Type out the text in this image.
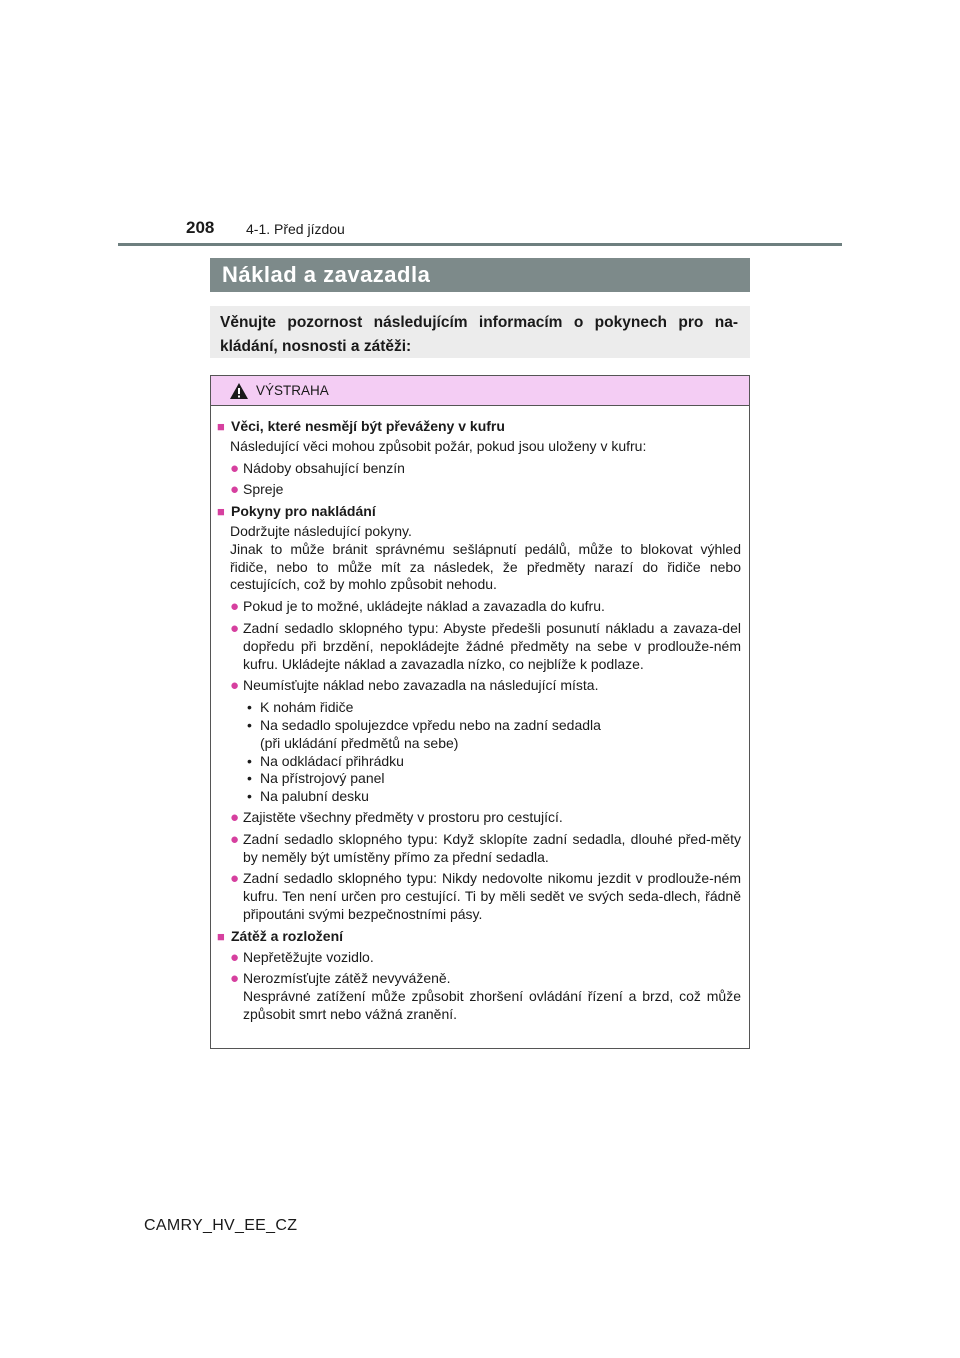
208 4-1. Před jízdou
Náklad a zavazadla
Věnujte pozornost následujícím informacím o pokynech pro na-kládání, nosnosti a zátěži:
VÝSTRAHA
■ Věci, které nesmějí být převáženy v kufru
Následující věci mohou způsobit požár, pokud jsou uloženy v kufru:
● Nádoby obsahující benzín
● Spreje
■ Pokyny pro nakládání
Dodržujte následující pokyny.
Jinak to může bránit správnému sešlápnutí pedálů, může to blokovat výhled řidiče, nebo to může mít za následek, že předměty narazí do řidiče nebo cestujících, což by mohlo způsobit nehodu.
● Pokud je to možné, ukládejte náklad a zavazadla do kufru.
● Zadní sedadlo sklopného typu: Abyste předešli posunutí nákladu a zavaza-del dopředu při brzdění, nepokládejte žádné předměty na sebe v prodlouže-ném kufru. Ukládejte náklad a zavazadla nízko, co nejblíže k podlaze.
● Neumísťujte náklad nebo zavazadla na následující místa.
• K nohám řidiče
• Na sedadlo spolujezdce vpředu nebo na zadní sedadla
(při ukládání předmětů na sebe)
• Na odkládací přihrádku
• Na přístrojový panel
• Na palubní desku
● Zajistěte všechny předměty v prostoru pro cestující.
● Zadní sedadlo sklopného typu: Když sklopíte zadní sedadla, dlouhé před-měty by neměly být umístěny přímo za přední sedadla.
● Zadní sedadlo sklopného typu: Nikdy nedovolte nikomu jezdit v prodlouže-ném kufru. Ten není určen pro cestující. Ti by měli sedět ve svých seda-dlech, řádně připoutáni svými bezpečnostními pásy.
■ Zátěž a rozložení
● Nepřetěžujte vozidlo.
● Nerozmísťujte zátěž nevyváženě.
Nesprávné zatížení může způsobit zhoršení ovládání řízení a brzd, což může způsobit smrt nebo vážná zranění.
CAMRY_HV_EE_CZ
